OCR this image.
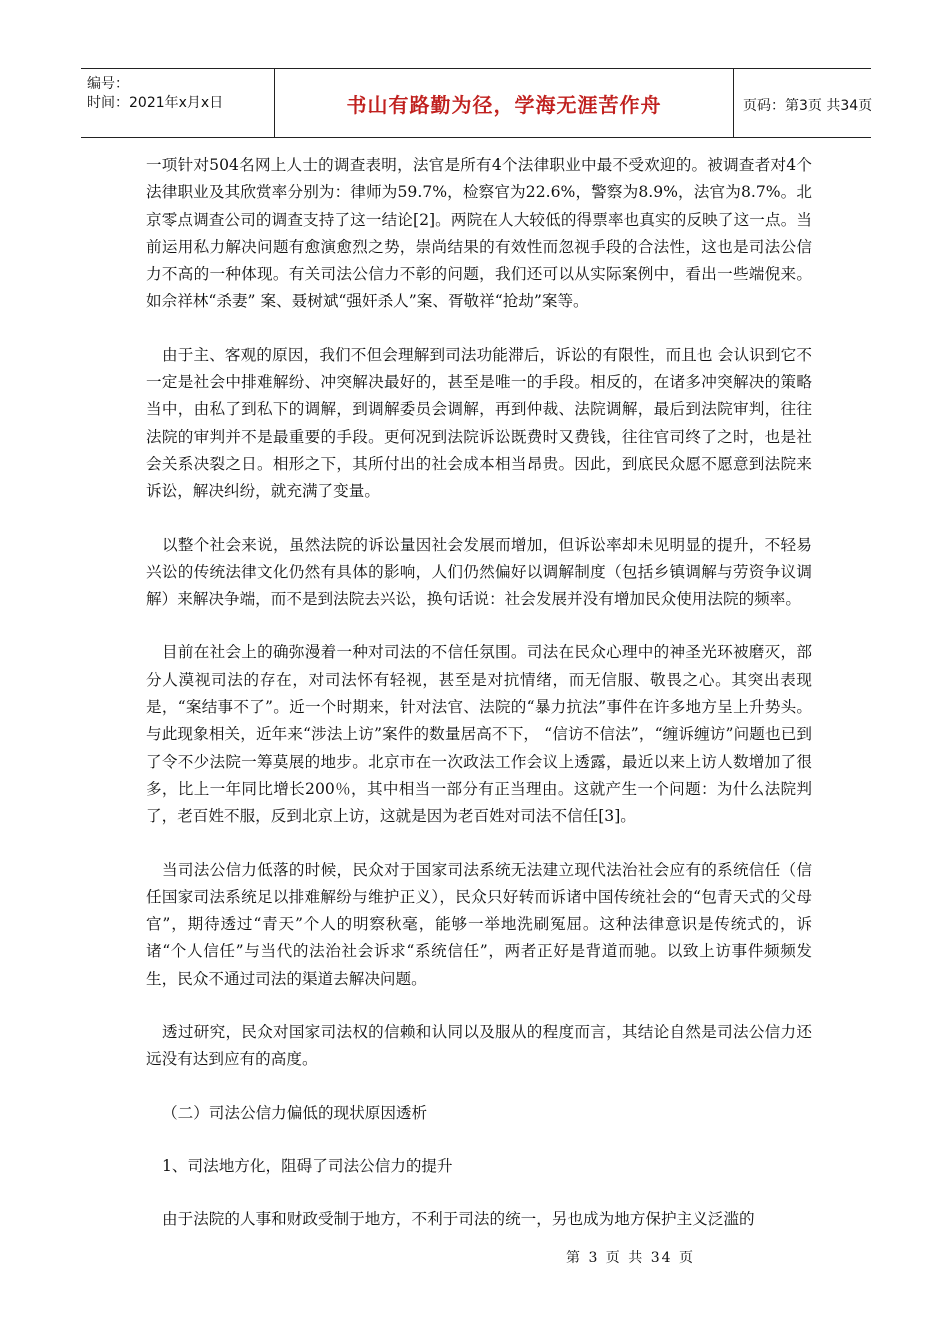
编号：
时间：2021年x月x日	书山有路勤为径，学海无涯苦作舟	页码：第3页 共34页

一项针对504名网上人士的调查表明，法官是所有4个法律职业中最不受欢迎的。被调查者对4个法律职业及其欣赏率分别为：律师为59.7%，检察官为22.6%，警察为8.9%，法官为8.7%。北京零点调查公司的调查支持了这一结论[2]。两院在人大较低的得票率也真实的反映了这一点。当前运用私力解决问题有愈演愈烈之势，崇尚结果的有效性而忽视手段的合法性，这也是司法公信力不高的一种体现。有关司法公信力不彰的问题，我们还可以从实际案例中，看出一些端倪来。如佘祥林“杀妻” 案、聂树斌“强奸杀人”案、胥敬祥“抢劫”案等。

由于主、客观的原因，我们不但会理解到司法功能滞后，诉讼的有限性，而且也 会认识到它不一定是社会中排难解纷、冲突解决最好的，甚至是唯一的手段。相反的，在诸多冲突解决的策略当中，由私了到私下的调解，到调解委员会调解，再到仲裁、法院调解，最后到法院审判，往往法院的审判并不是最重要的手段。更何况到法院诉讼既费时又费钱，往往官司终了之时，也是社会关系决裂之日。相形之下，其所付出的社会成本相当昂贵。因此，到底民众愿不愿意到法院来诉讼，解决纠纷，就充满了变量。

以整个社会来说，虽然法院的诉讼量因社会发展而增加，但诉讼率却未见明显的提升，不轻易兴讼的传统法律文化仍然有具体的影响，人们仍然偏好以调解制度（包括乡镇调解与劳资争议调解）来解决争端，而不是到法院去兴讼，换句话说：社会发展并没有增加民众使用法院的频率。

目前在社会上的确弥漫着一种对司法的不信任氛围。司法在民众心理中的神圣光环被磨灭，部分人漠视司法的存在，对司法怀有轻视，甚至是对抗情绪，而无信服、敬畏之心。其突出表现是，“案结事不了”。近一个时期来，针对法官、法院的“暴力抗法”事件在许多地方呈上升势头。与此现象相关，近年来“涉法上访”案件的数量居高不下， “信访不信法”，“缠诉缠访”问题也已到了令不少法院一筹莫展的地步。北京市在一次政法工作会议上透露，最近以来上访人数增加了很多，比上一年同比增长200％，其中相当一部分有正当理由。这就产生一个问题：为什么法院判了，老百姓不服，反到北京上访，这就是因为老百姓对司法不信任[3]。

当司法公信力低落的时候，民众对于国家司法系统无法建立现代法治社会应有的系统信任（信任国家司法系统足以排难解纷与维护正义），民众只好转而诉诸中国传统社会的“包青天式的父母官”，期待透过“青天”个人的明察秋毫，能够一举地洗刷冤屈。这种法律意识是传统式的，诉诸“个人信任”与当代的法治社会诉求“系统信任”，两者正好是背道而驰。以致上访事件频频发生，民众不通过司法的渠道去解决问题。

透过研究，民众对国家司法权的信赖和认同以及服从的程度而言，其结论自然是司法公信力还远没有达到应有的高度。

（二）司法公信力偏低的现状原因透析

1、司法地方化，阻碍了司法公信力的提升

由于法院的人事和财政受制于地方，不利于司法的统一，另也成为地方保护主义泛滥的

第 3 页 共 34 页
